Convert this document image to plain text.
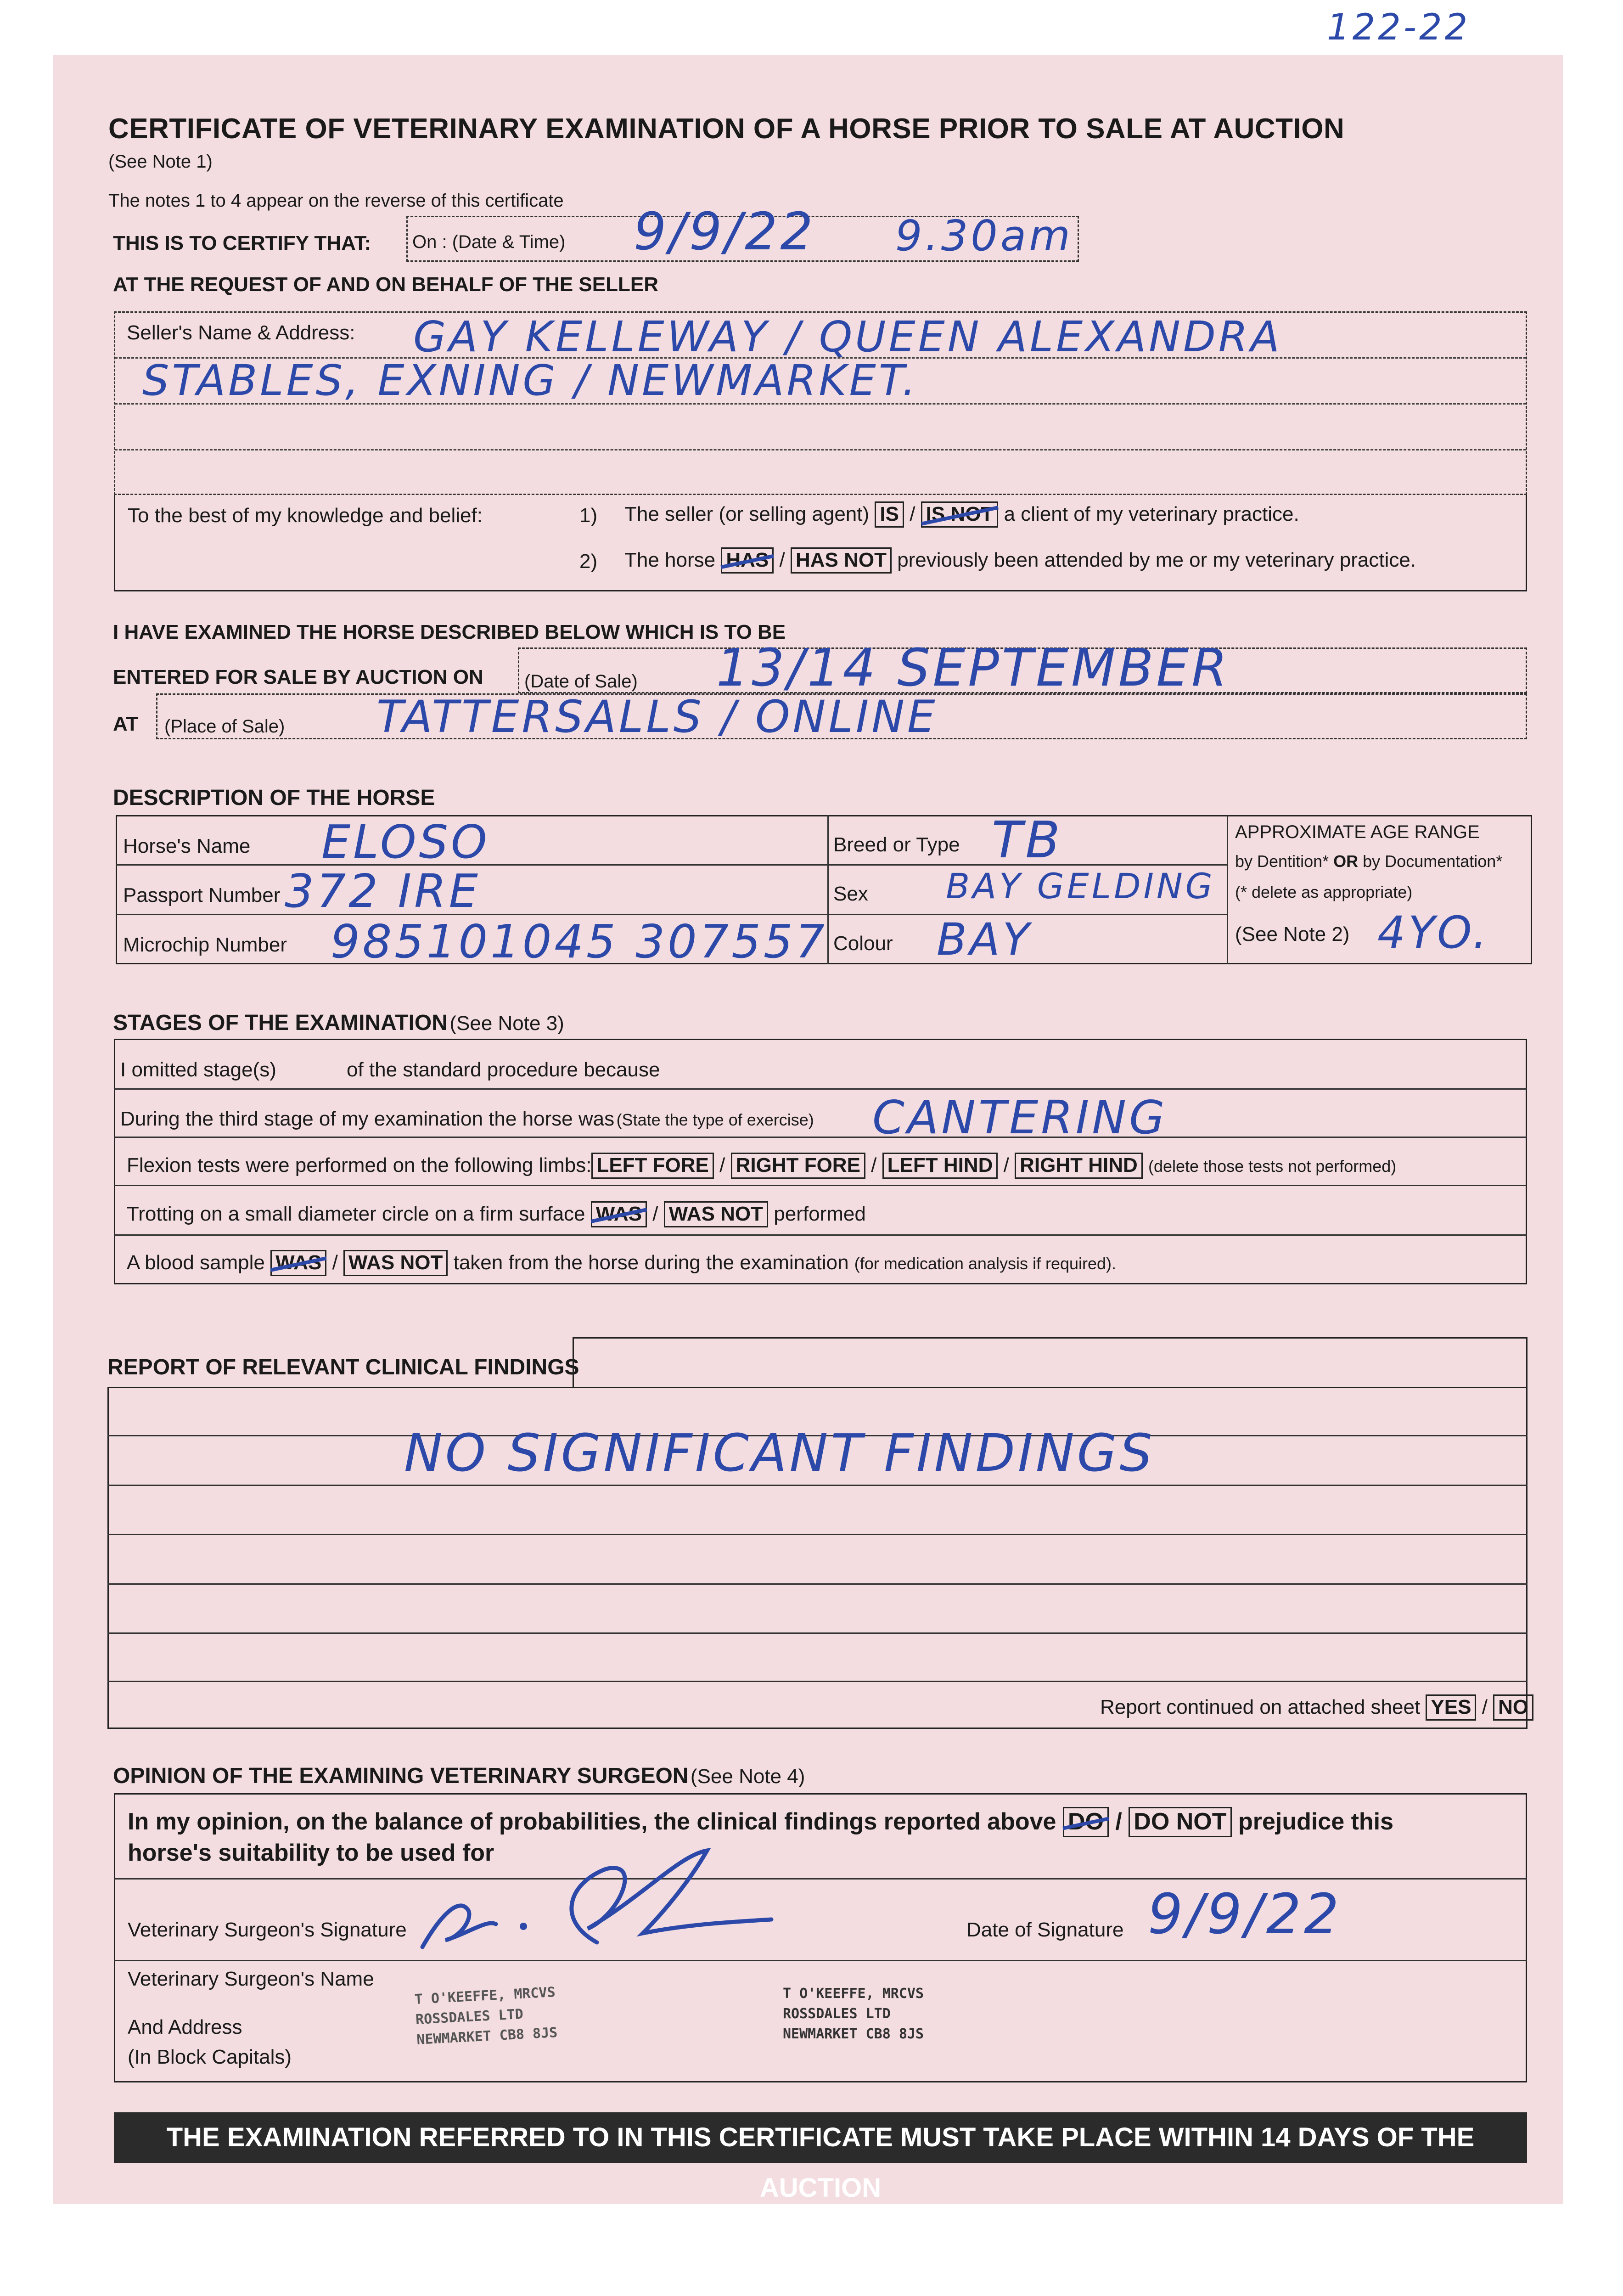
122-22
CERTIFICATE OF VETERINARY EXAMINATION OF A HORSE PRIOR TO SALE AT AUCTION
(See Note 1)
The notes 1 to 4 appear on the reverse of this certificate
THIS IS TO CERTIFY THAT: On : (Date & Time) 9/9/22 9.30am
AT THE REQUEST OF AND ON BEHALF OF THE SELLER
Seller's Name & Address: GAY KELLEWAY / QUEEN ALEXANDRA
STABLES, EXNING / NEWMARKET.
To the best of my knowledge and belief:	1) The seller (or selling agent) IS / IS NOT a client of my veterinary practice.
2) The horse HAS / HAS NOT previously been attended by me or my veterinary practice.
I HAVE EXAMINED THE HORSE DESCRIBED BELOW WHICH IS TO BE
ENTERED FOR SALE BY AUCTION ON (Date of Sale) 13/14 SEPTEMBER
AT (Place of Sale) TATTERSALLS / ONLINE
DESCRIPTION OF THE HORSE
Horse's Name ELOSO
Passport Number 372 IRE
Microchip Number 985101045 307557
Breed or Type TB
Sex BAY GELDING
Colour BAY
APPROXIMATE AGE RANGE
by Dentition* OR by Documentation*
(* delete as appropriate)
(See Note 2) 4YO.
STAGES OF THE EXAMINATION (See Note 3)
I omitted stage(s)	of the standard procedure because
During the third stage of my examination the horse was (State the type of exercise) CANTERING
Flexion tests were performed on the following limbs: LEFT FORE / RIGHT FORE / LEFT HIND / RIGHT HIND (delete those tests not performed)
Trotting on a small diameter circle on a firm surface WAS / WAS NOT performed
A blood sample WAS / WAS NOT taken from the horse during the examination (for medication analysis if required).
REPORT OF RELEVANT CLINICAL FINDINGS
NO SIGNIFICANT FINDINGS
Report continued on attached sheet YES / NO
OPINION OF THE EXAMINING VETERINARY SURGEON (See Note 4)
In my opinion, on the balance of probabilities, the clinical findings reported above DO / DO NOT prejudice this
horse's suitability to be used for
Veterinary Surgeon's Signature	Date of Signature 9/9/22
Veterinary Surgeon's Name
And Address
(In Block Capitals)
T O'KEEFFE, MRCVS
ROSSDALES LTD
NEWMARKET CB8 8JS
T O'KEEFFE, MRCVS
ROSSDALES LTD
NEWMARKET CB8 8JS
THE EXAMINATION REFERRED TO IN THIS CERTIFICATE MUST TAKE PLACE WITHIN 14 DAYS OF THE AUCTION
